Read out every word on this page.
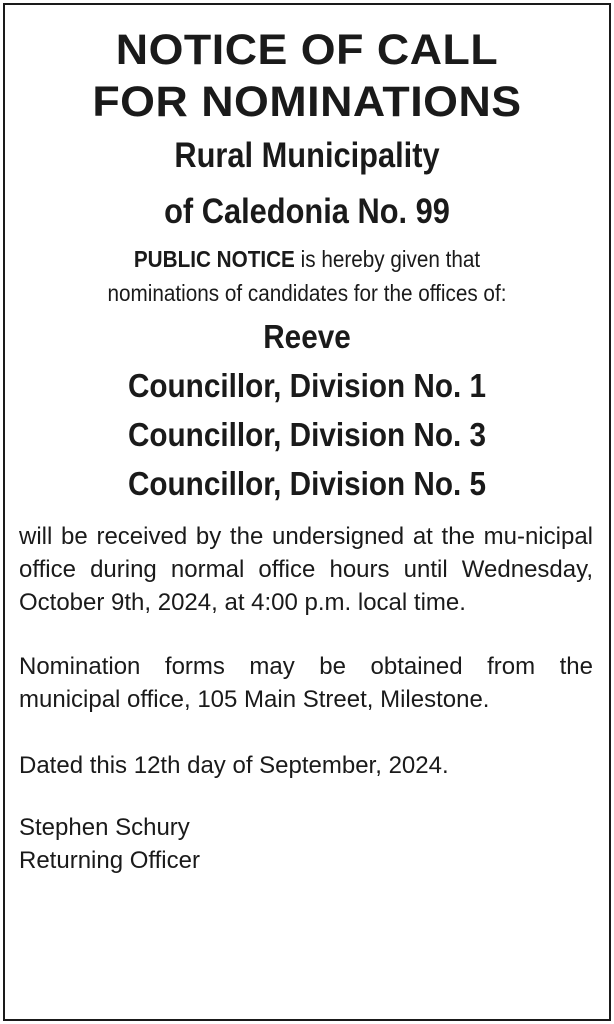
NOTICE OF CALL
FOR NOMINATIONS
Rural Municipality
of Caledonia No. 99
PUBLIC NOTICE is hereby given that
nominations of candidates for the offices of:
Reeve
Councillor, Division No. 1
Councillor, Division No. 3
Councillor, Division No. 5

will be received by the undersigned at the mu-nicipal office during normal office hours until Wednesday, October 9th, 2024, at 4:00 p.m. local time.

Nomination forms may be obtained from the municipal office, 105 Main Street, Milestone.

Dated this 12th day of September, 2024.

Stephen Schury
Returning Officer
